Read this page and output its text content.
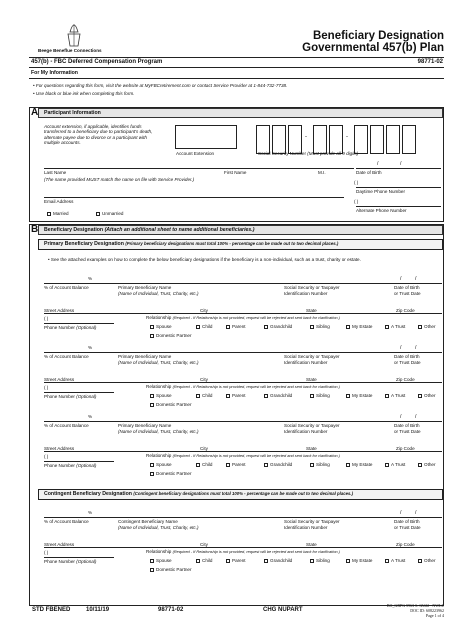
Beege Beneflue Connections
Beneficiary Designation
Governmental 457(b) Plan
457(b) - FBC Deferred Compensation Program	98771-02
For My Information
• For questions regarding this form, visit the website at MyFBCretirement.com or contact Service Provider at 1-844-732-7738.
• Use black or blue ink when completing this form.
A Participant Information
Account extension, if applicable, identifies funds transferred to a beneficiary due to participant's death, alternate payee due to divorce or a participant with multiple accounts.
Account Extension
-	-
Social Security Number (Must provide all 9 digits)
/	/
Last Name	First Name	M.I.	Date of Birth
(The name provided MUST match the name on file with Service Provider.)
( )
Daytime Phone Number
Email Address	( )
Alternate Phone Number
Married	Unmarried
B Beneficiary Designation (Attach an additional sheet to name additional beneficiaries.)
Primary Beneficiary Designation (Primary beneficiary designations must total 100% - percentage can be made out to two decimal places.)
• See the attached examples on how to complete the below beneficiary designations if the beneficiary is a non-individual, such as a trust, charity or estate.
%	/	/
% of Account Balance	Primary Beneficiary Name
(Name of Individual, Trust, Charity, etc.)
Social Security or Taxpayer
Identification Number
Date of Birth
or Trust Date
Street Address	City	State	Zip Code
Relationship (Required - If Relationship is not provided, request will be rejected and sent back for clarification.)
( )
Phone Number (Optional)	Spouse	Child	Parent	Grandchild	Sibling	My Estate	A Trust	Other
Domestic Partner
%	/	/
% of Account Balance	Primary Beneficiary Name
(Name of Individual, Trust, Charity, etc.)
Social Security or Taxpayer
Identification Number
Date of Birth
or Trust Date
Street Address	City	State	Zip Code
Relationship (Required - If Relationship is not provided, request will be rejected and sent back for clarification.)
( )
Phone Number (Optional)	Spouse	Child	Parent	Grandchild	Sibling	My Estate	A Trust	Other
Domestic Partner
%	/	/
% of Account Balance	Primary Beneficiary Name
(Name of Individual, Trust, Charity, etc.)
Social Security or Taxpayer
Identification Number
Date of Birth
or Trust Date
Street Address	City	State	Zip Code
Relationship (Required - If Relationship is not provided, request will be rejected and sent back for clarification.)
( )
Phone Number (Optional)	Spouse	Child	Parent	Grandchild	Sibling	My Estate	A Trust	Other
Domestic Partner
%	/	/
% of Account Balance	Contingent Beneficiary Name
(Name of Individual, Trust, Charity, etc.)
Social Security or Taxpayer
Identification Number
Date of Birth
or Trust Date
Street Address	City	State	Zip Code
Relationship (Required - If Relationship is not provided, request will be rejected and sent back for clarification.)
( )
Phone Number (Optional)	Spouse	Child	Parent	Grandchild	Sibling	My Estate	A Trust	Other
Domestic Partner
Contingent Beneficiary Designation (Contingent beneficiary designations must total 100% - percentage can be made out to two decimal places.)
STD FBENED	10/11/19	98771-02	CHG NUPART
BO_GRPG 5963 S. GU22 - NWLL
DOC ID: 608223962
Page 1 of 4
